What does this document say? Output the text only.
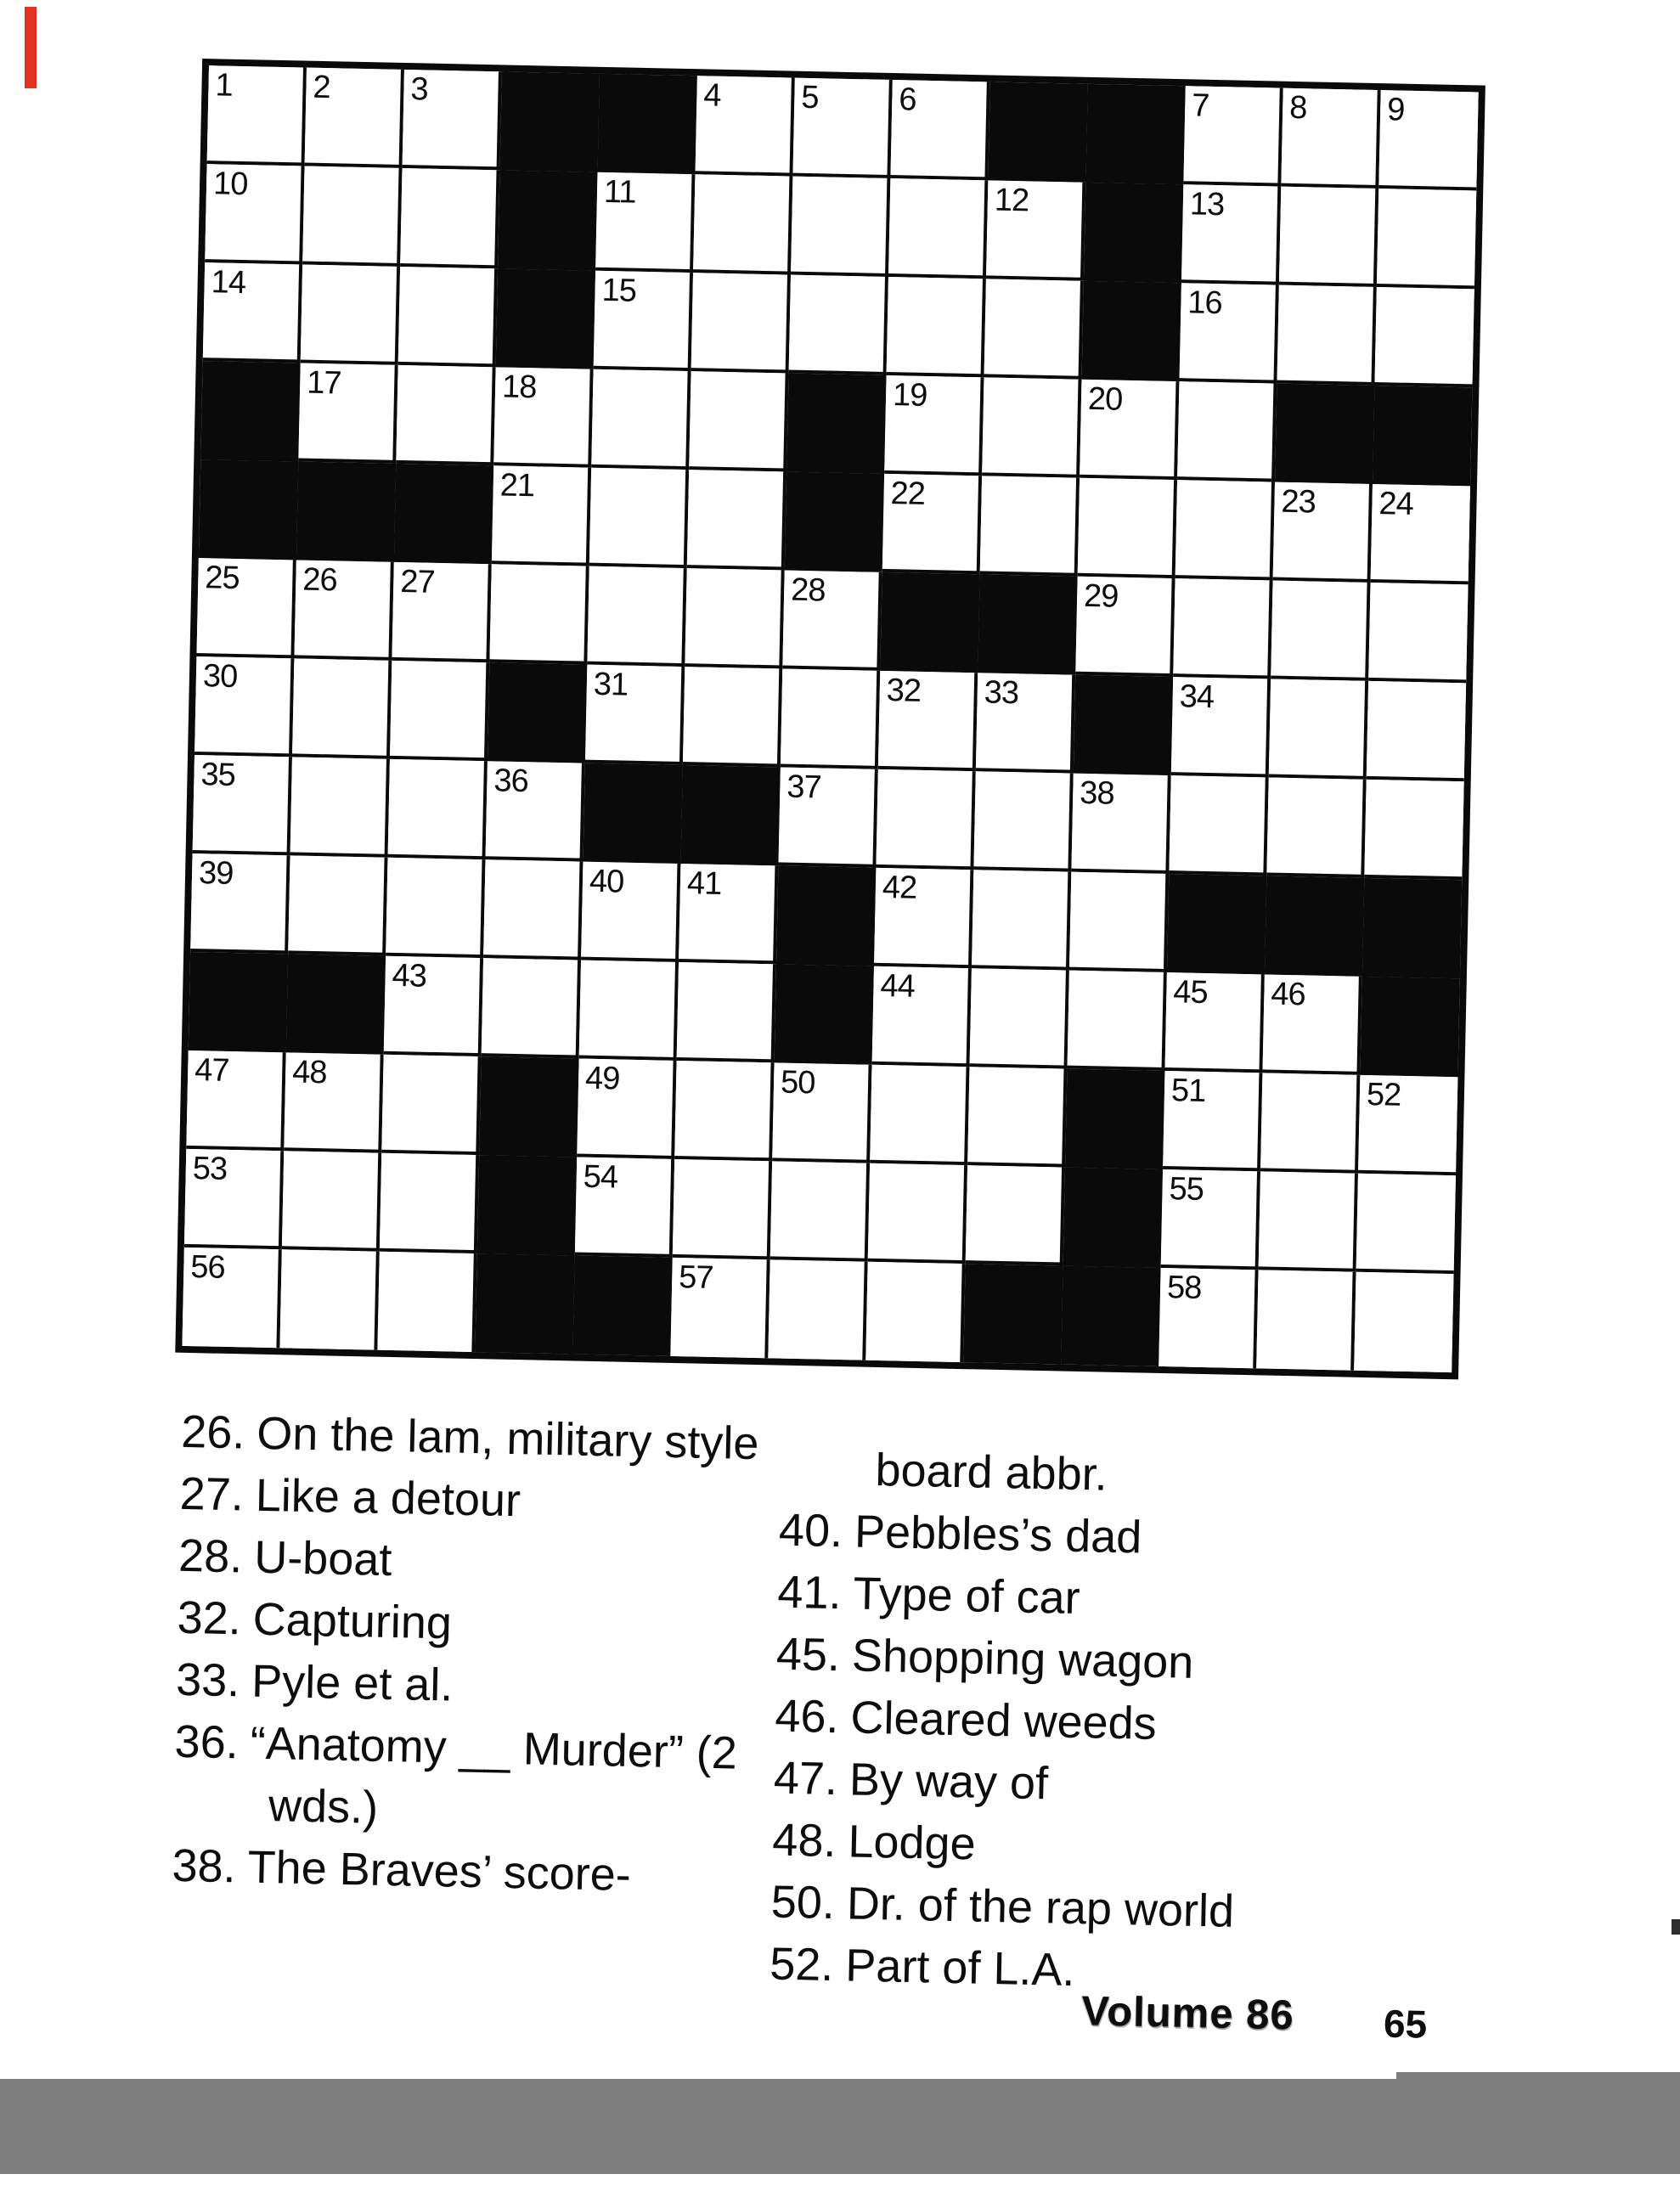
1 2 3	4 5 6	7 8 9
10	11	12	13
14	15	16
17	18	19	20
21	22	23 24
25 26 27	28	29
30	31	32 33	34
35	36	37	38
39	40 41	42
43	44	45 46
47 48	49	50	51	52
53	54	55
56	57	58
26. On the lam, military style
27. Like a detour
28. U-boat
32. Capturing
33. Pyle et al.
36. “Anatomy __ Murder” (2 wds.)
38. The Braves’ score-
board abbr.
40. Pebbles’s dad
41. Type of car
45. Shopping wagon
46. Cleared weeds
47. By way of
48. Lodge
50. Dr. of the rap world
52. Part of L.A.
Volume 86 65
